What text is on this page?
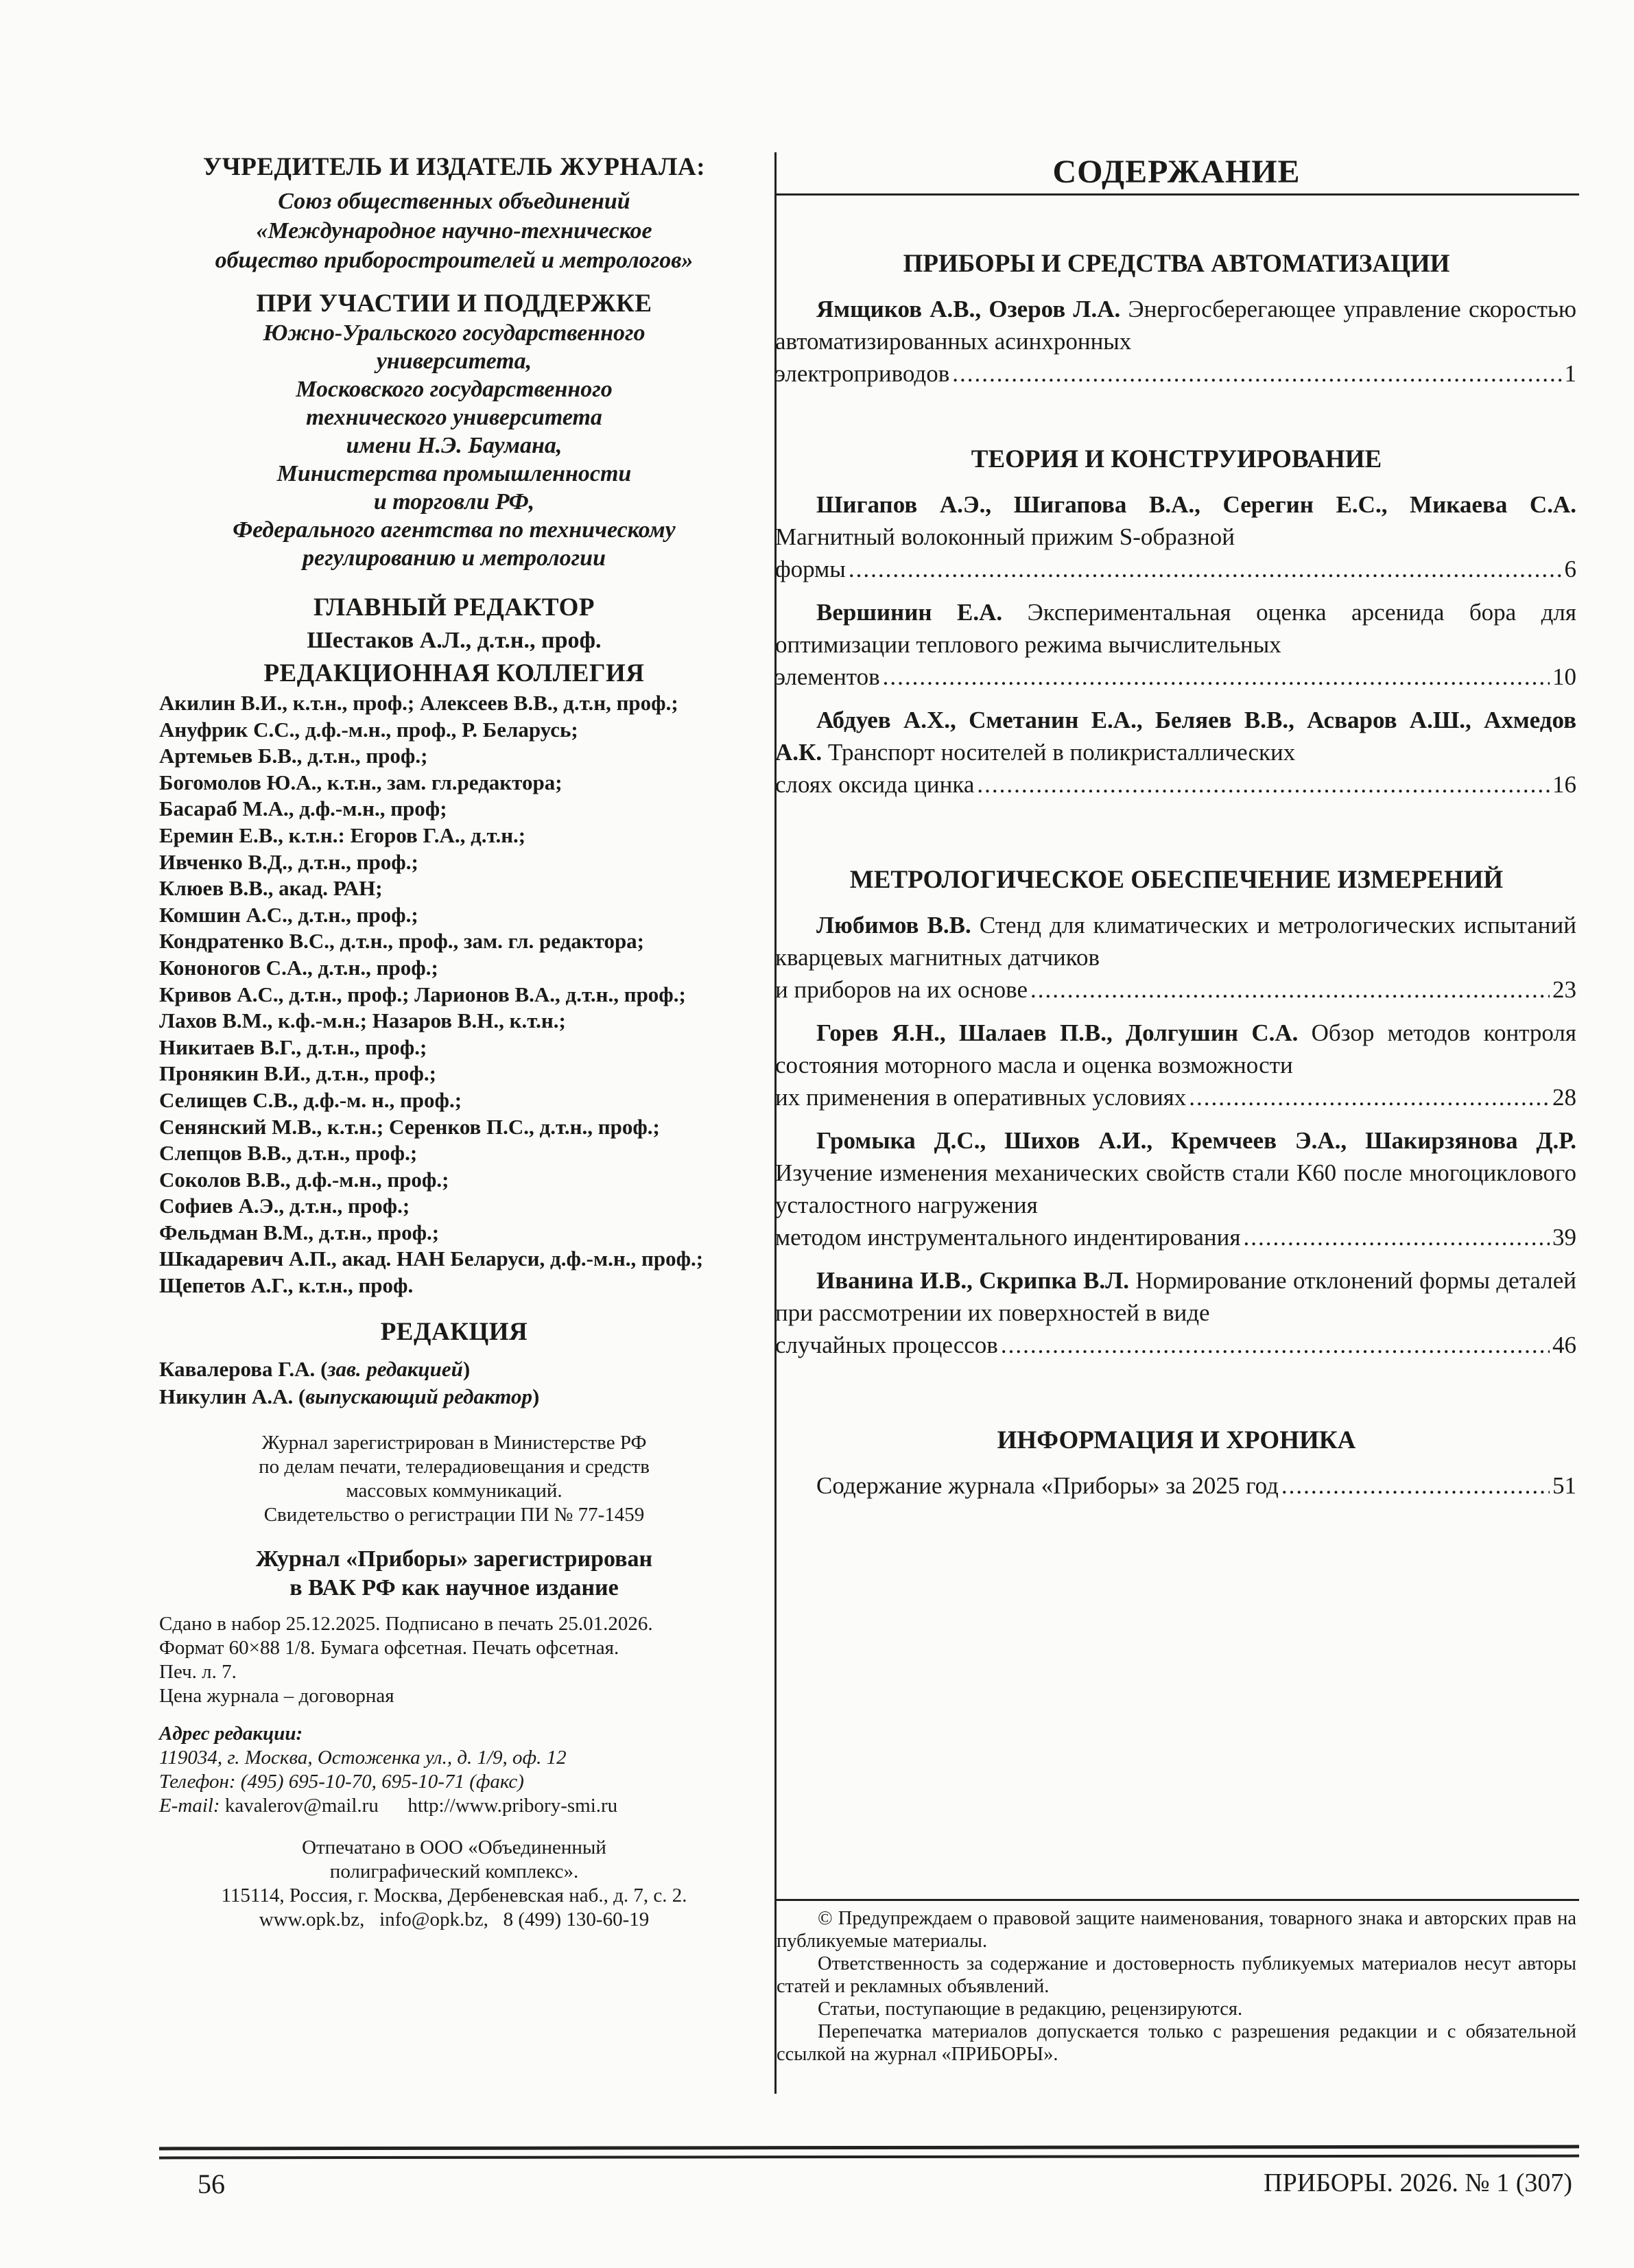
УЧРЕДИТЕЛЬ И ИЗДАТЕЛЬ ЖУРНАЛА:
Союз общественных объединений
«Международное научно-техническое
общество приборостроителей и метрологов»
ПРИ УЧАСТИИ И ПОДДЕРЖКЕ
Южно-Уральского государственного
университета,
Московского государственного
технического университета
имени Н.Э. Баумана,
Министерства промышленности
и торговли РФ,
Федерального агентства по техническому
регулированию и метрологии
ГЛАВНЫЙ РЕДАКТОР
Шестаков А.Л., д.т.н., проф.
РЕДАКЦИОННАЯ КОЛЛЕГИЯ
Акилин В.И., к.т.н., проф.; Алексеев В.В., д.т.н, проф.;
Ануфрик С.С., д.ф.-м.н., проф., Р. Беларусь;
Артемьев Б.В., д.т.н., проф.;
Богомолов Ю.А., к.т.н., зам. гл.редактора;
Басараб М.А., д.ф.-м.н., проф;
Еремин Е.В., к.т.н.: Егоров Г.А., д.т.н.;
Ивченко В.Д., д.т.н., проф.;
Клюев В.В., акад. РАН;
Комшин А.С., д.т.н., проф.;
Кондратенко В.С., д.т.н., проф., зам. гл. редактора;
Кононогов С.А., д.т.н., проф.;
Кривов А.С., д.т.н., проф.; Ларионов В.А., д.т.н., проф.;
Лахов В.М., к.ф.-м.н.; Назаров В.Н., к.т.н.;
Никитаев В.Г., д.т.н., проф.;
Пронякин В.И., д.т.н., проф.;
Селищев С.В., д.ф.-м. н., проф.;
Сенянский М.В., к.т.н.; Серенков П.С., д.т.н., проф.;
Слепцов В.В., д.т.н., проф.;
Соколов В.В., д.ф.-м.н., проф.;
Софиев А.Э., д.т.н., проф.;
Фельдман В.М., д.т.н., проф.;
Шкадаревич А.П., акад. НАН Беларуси, д.ф.-м.н., проф.;
Щепетов А.Г., к.т.н., проф.
РЕДАКЦИЯ
Кавалерова Г.А. (зав. редакцией)
Никулин А.А. (выпускающий редактор)
Журнал зарегистрирован в Министерстве РФ
по делам печати, телерадиовещания и средств
массовых коммуникаций.
Свидетельство о регистрации ПИ № 77-1459
Журнал «Приборы» зарегистрирован
в ВАК РФ как научное издание
Сдано в набор 25.12.2025. Подписано в печать 25.01.2026.
Формат 60×88 1/8. Бумага офсетная. Печать офсетная.
Печ. л. 7.
Цена журнала – договорная
Адрес редакции:
119034, г. Москва, Остоженка ул., д. 1/9, оф. 12
Телефон: (495) 695-10-70, 695-10-71 (факс)
E-mail: kavalerov@mail.ru http://www.pribory-smi.ru
Отпечатано в ООО «Объединенный
полиграфический комплекс».
115114, Россия, г. Москва, Дербеневская наб., д. 7, с. 2.
www.opk.bz,   info@opk.bz,   8 (499) 130-60-19
СОДЕРЖАНИЕ
ПРИБОРЫ И СРЕДСТВА АВТОМАТИЗАЦИИ
Ямщиков А.В., Озеров Л.А. Энергосберегающее управление скоростью автоматизированных асинхронных
электроприводов .....	1
ТЕОРИЯ И КОНСТРУИРОВАНИЕ
Шигапов А.Э., Шигапова В.А., Серегин Е.С., Микаева С.А. Магнитный волоконный прижим S-образной
формы .....	6
Вершинин Е.А. Экспериментальная оценка арсенида бора для оптимизации теплового режима вычислительных
элементов .....	10
Абдуев А.Х., Сметанин Е.А., Беляев В.В., Асваров А.Ш., Ахмедов А.К. Транспорт носителей в поликристаллических
слоях оксида цинка .....	16
МЕТРОЛОГИЧЕСКОЕ ОБЕСПЕЧЕНИЕ ИЗМЕРЕНИЙ
Любимов В.В. Стенд для климатических и метрологических испытаний кварцевых магнитных датчиков
и приборов на их основе .....	23
Горев Я.Н., Шалаев П.В., Долгушин С.А. Обзор методов контроля состояния моторного масла и оценка возможности
их применения в оперативных условиях .....	28
Громыка Д.С., Шихов А.И., Кремчеев Э.А., Шакирзянова Д.Р. Изучение изменения механических свойств стали К60 после многоциклового усталостного нагружения
методом инструментального индентирования .....	39
Иванина И.В., Скрипка В.Л. Нормирование отклонений формы деталей при рассмотрении их поверхностей в виде
случайных процессов .....	46
ИНФОРМАЦИЯ И ХРОНИКА
Содержание журнала «Приборы» за 2025 год .....	51

© Предупреждаем о правовой защите наименования, товарного знака и авторских прав на публикуемые материалы.

Ответственность за содержание и достоверность публикуемых материалов несут авторы статей и рекламных объявлений.

Статьи, поступающие в редакцию, рецензируются.

Перепечатка материалов допускается только с разрешения редакции и с обязательной ссылкой на журнал «ПРИБОРЫ».

56	ПРИБОРЫ. 2026. № 1 (307)
